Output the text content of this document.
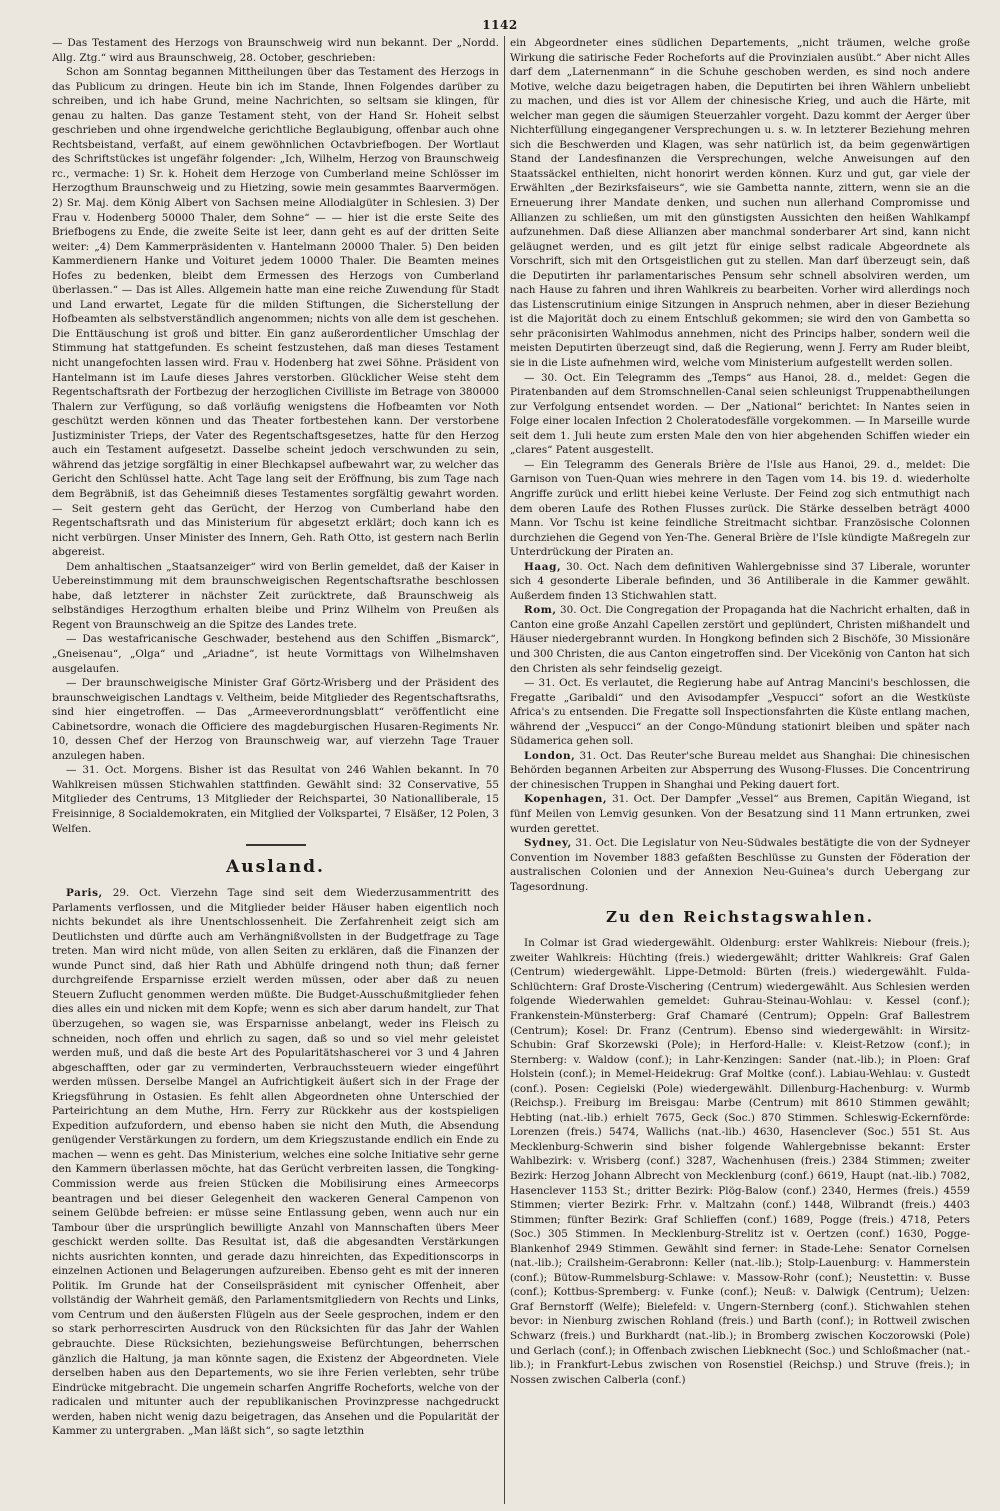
1142

— Das Testament des Herzogs von Braunschweig wird nun bekannt. Der „Nordd. Allg. Ztg.“ wird aus Braunschweig, 28. October, geschrieben:

Schon am Sonntag begannen Mittheilungen über das Testament des Herzogs in das Publicum zu dringen. Heute bin ich im Stande, Ihnen Folgendes darüber zu schreiben, und ich habe Grund, meine Nachrichten, so seltsam sie klingen, für genau zu halten. Das ganze Testament steht, von der Hand Sr. Hoheit selbst geschrieben und ohne irgendwelche gerichtliche Beglaubigung, offenbar auch ohne Rechtsbeistand, verfaßt, auf einem gewöhnlichen Octavbriefbogen. Der Wortlaut des Schriftstückes ist ungefähr folgender: „Ich, Wilhelm, Herzog von Braunschweig rc., vermache: 1) Sr. k. Hoheit dem Herzoge von Cumberland meine Schlösser im Herzogthum Braunschweig und zu Hietzing, sowie mein gesammtes Baarvermögen. 2) Sr. Maj. dem König Albert von Sachsen meine Allodialgüter in Schlesien. 3) Der Frau v. Hodenberg 50000 Thaler, dem Sohne“ — — hier ist die erste Seite des Briefbogens zu Ende, die zweite Seite ist leer, dann geht es auf der dritten Seite weiter: „4) Dem Kammerpräsidenten v. Hantelmann 20000 Thaler. 5) Den beiden Kammerdienern Hanke und Voituret jedem 10000 Thaler. Die Beamten meines Hofes zu bedenken, bleibt dem Ermessen des Herzogs von Cumberland überlassen.“ — Das ist Alles. Allgemein hatte man eine reiche Zuwendung für Stadt und Land erwartet, Legate für die milden Stiftungen, die Sicherstellung der Hofbeamten als selbstverständlich angenommen; nichts von alle dem ist geschehen. Die Enttäuschung ist groß und bitter. Ein ganz außerordentlicher Umschlag der Stimmung hat stattgefunden. Es scheint festzustehen, daß man dieses Testament nicht unangefochten lassen wird. Frau v. Hodenberg hat zwei Söhne. Präsident von Hantelmann ist im Laufe dieses Jahres verstorben. Glücklicher Weise steht dem Regentschaftsrath der Fortbezug der herzoglichen Civilliste im Betrage von 380000 Thalern zur Verfügung, so daß vorläufig wenigstens die Hofbeamten vor Noth geschützt werden können und das Theater fortbestehen kann. Der verstorbene Justizminister Trieps, der Vater des Regentschaftsgesetzes, hatte für den Herzog auch ein Testament aufgesetzt. Dasselbe scheint jedoch verschwunden zu sein, während das jetzige sorgfältig in einer Blechkapsel aufbewahrt war, zu welcher das Gericht den Schlüssel hatte. Acht Tage lang seit der Eröffnung, bis zum Tage nach dem Begräbniß, ist das Geheimniß dieses Testamentes sorgfältig gewahrt worden. — Seit gestern geht das Gerücht, der Herzog von Cumberland habe den Regentschaftsrath und das Ministerium für abgesetzt erklärt; doch kann ich es nicht verbürgen. Unser Minister des Innern, Geh. Rath Otto, ist gestern nach Berlin abgereist.

Dem anhaltischen „Staatsanzeiger“ wird von Berlin gemeldet, daß der Kaiser in Uebereinstimmung mit dem braunschweigischen Regentschaftsrathe beschlossen habe, daß letzterer in nächster Zeit zurücktrete, daß Braunschweig als selbständiges Herzogthum erhalten bleibe und Prinz Wilhelm von Preußen als Regent von Braunschweig an die Spitze des Landes trete.

— Das westafricanische Geschwader, bestehend aus den Schiffen „Bismarck“, „Gneisenau“, „Olga“ und „Ariadne“, ist heute Vormittags von Wilhelmshaven ausgelaufen.

— Der braunschweigische Minister Graf Görtz-Wrisberg und der Präsident des braunschweigischen Landtags v. Veltheim, beide Mitglieder des Regentschaftsraths, sind hier eingetroffen. — Das „Armeeverordnungsblatt“ veröffentlicht eine Cabinetsordre, wonach die Officiere des magdeburgischen Husaren-Regiments Nr. 10, dessen Chef der Herzog von Braunschweig war, auf vierzehn Tage Trauer anzulegen haben.

— 31. Oct. Morgens. Bisher ist das Resultat von 246 Wahlen bekannt. In 70 Wahlkreisen müssen Stichwahlen stattfinden. Gewählt sind: 32 Conservative, 55 Mitglieder des Centrums, 13 Mitglieder der Reichspartei, 30 Nationalliberale, 15 Freisinnige, 8 Socialdemokraten, ein Mitglied der Volkspartei, 7 Elsäßer, 12 Polen, 3 Welfen.

Ausland.

Paris, 29. Oct. Vierzehn Tage sind seit dem Wiederzusammentritt des Parlaments verflossen, und die Mitglieder beider Häuser haben eigentlich noch nichts bekundet als ihre Unentschlossenheit. Die Zerfahrenheit zeigt sich am Deutlichsten und dürfte auch am Verhängnißvollsten in der Budgetfrage zu Tage treten. Man wird nicht müde, von allen Seiten zu erklären, daß die Finanzen der wunde Punct sind, daß hier Rath und Abhülfe dringend noth thun; daß ferner durchgreifende Ersparnisse erzielt werden müssen, oder aber daß zu neuen Steuern Zuflucht genommen werden müßte. Die Budget-Ausschußmitglieder fehen dies alles ein und nicken mit dem Kopfe; wenn es sich aber darum handelt, zur That überzugehen, so wagen sie, was Ersparnisse anbelangt, weder ins Fleisch zu schneiden, noch offen und ehrlich zu sagen, daß so und so viel mehr geleistet werden muß, und daß die beste Art des Popularitätshascherei vor 3 und 4 Jahren abgeschafften, oder gar zu verminderten, Verbrauchssteuern wieder eingeführt werden müssen. Derselbe Mangel an Aufrichtigkeit äußert sich in der Frage der Kriegsführung in Ostasien. Es fehlt allen Abgeordneten ohne Unterschied der Parteirichtung an dem Muthe, Hrn. Ferry zur Rückkehr aus der kostspieligen Expedition aufzufordern, und ebenso haben sie nicht den Muth, die Absendung genügender Verstärkungen zu fordern, um dem Kriegszustande endlich ein Ende zu machen — wenn es geht. Das Ministerium, welches eine solche Initiative sehr gerne den Kammern überlassen möchte, hat das Gerücht verbreiten lassen, die Tongking-Commission werde aus freien Stücken die Mobilisirung eines Armeecorps beantragen und bei dieser Gelegenheit den wackeren General Campenon von seinem Gelübde befreien: er müsse seine Entlassung geben, wenn auch nur ein Tambour über die ursprünglich bewilligte Anzahl von Mannschaften übers Meer geschickt werden sollte. Das Resultat ist, daß die abgesandten Verstärkungen nichts ausrichten konnten, und gerade dazu hinreichten, das Expeditionscorps in einzelnen Actionen und Belagerungen aufzureiben. Ebenso geht es mit der inneren Politik. Im Grunde hat der Conseilspräsident mit cynischer Offenheit, aber vollständig der Wahrheit gemäß, den Parlamentsmitgliedern von Rechts und Links, vom Centrum und den äußersten Flügeln aus der Seele gesprochen, indem er den so stark perhorrescirten Ausdruck von den Rücksichten für das Jahr der Wahlen gebrauchte. Diese Rücksichten, beziehungsweise Befürchtungen, beherrschen gänzlich die Haltung, ja man könnte sagen, die Existenz der Abgeordneten. Viele derselben haben aus den Departements, wo sie ihre Ferien verlebten, sehr trübe Eindrücke mitgebracht. Die ungemein scharfen Angriffe Rocheforts, welche von der radicalen und mitunter auch der republikanischen Provinzpresse nachgedruckt werden, haben nicht wenig dazu beigetragen, das Ansehen und die Popularität der Kammer zu untergraben. „Man läßt sich“, so sagte letzthin

ein Abgeordneter eines südlichen Departements, „nicht träumen, welche große Wirkung die satirische Feder Rocheforts auf die Provinzialen ausübt.“ Aber nicht Alles darf dem „Laternenmann“ in die Schuhe geschoben werden, es sind noch andere Motive, welche dazu beigetragen haben, die Deputirten bei ihren Wählern unbeliebt zu machen, und dies ist vor Allem der chinesische Krieg, und auch die Härte, mit welcher man gegen die säumigen Steuerzahler vorgeht. Dazu kommt der Aerger über Nichterfüllung eingegangener Versprechungen u. s. w. In letzterer Beziehung mehren sich die Beschwerden und Klagen, was sehr natürlich ist, da beim gegenwärtigen Stand der Landesfinanzen die Versprechungen, welche Anweisungen auf den Staatssäckel enthielten, nicht honorirt werden können. Kurz und gut, gar viele der Erwählten „der Bezirksfaiseurs“, wie sie Gambetta nannte, zittern, wenn sie an die Erneuerung ihrer Mandate denken, und suchen nun allerhand Compromisse und Allianzen zu schließen, um mit den günstigsten Aussichten den heißen Wahlkampf aufzunehmen. Daß diese Allianzen aber manchmal sonderbarer Art sind, kann nicht geläugnet werden, und es gilt jetzt für einige selbst radicale Abgeordnete als Vorschrift, sich mit den Ortsgeistlichen gut zu stellen. Man darf überzeugt sein, daß die Deputirten ihr parlamentarisches Pensum sehr schnell absolviren werden, um nach Hause zu fahren und ihren Wahlkreis zu bearbeiten. Vorher wird allerdings noch das Listenscrutinium einige Sitzungen in Anspruch nehmen, aber in dieser Beziehung ist die Majorität doch zu einem Entschluß gekommen; sie wird den von Gambetta so sehr präconisirten Wahlmodus annehmen, nicht des Princips halber, sondern weil die meisten Deputirten überzeugt sind, daß die Regierung, wenn J. Ferry am Ruder bleibt, sie in die Liste aufnehmen wird, welche vom Ministerium aufgestellt werden sollen.

— 30. Oct. Ein Telegramm des „Temps“ aus Hanoi, 28. d., meldet: Gegen die Piratenbanden auf dem Stromschnellen-Canal seien schleunigst Truppenabtheilungen zur Verfolgung entsendet worden. — Der „National“ berichtet: In Nantes seien in Folge einer localen Infection 2 Choleratodesfälle vorgekommen. — In Marseille wurde seit dem 1. Juli heute zum ersten Male den von hier abgehenden Schiffen wieder ein „clares“ Patent ausgestellt.

— Ein Telegramm des Generals Brière de l'Isle aus Hanoi, 29. d., meldet: Die Garnison von Tuen-Quan wies mehrere in den Tagen vom 14. bis 19. d. wiederholte Angriffe zurück und erlitt hiebei keine Verluste. Der Feind zog sich entmuthigt nach dem oberen Laufe des Rothen Flusses zurück. Die Stärke desselben beträgt 4000 Mann. Vor Tschu ist keine feindliche Streitmacht sichtbar. Französische Colonnen durchziehen die Gegend von Yen-The. General Brière de l'Isle kündigte Maßregeln zur Unterdrückung der Piraten an.

Haag, 30. Oct. Nach dem definitiven Wahlergebnisse sind 37 Liberale, worunter sich 4 gesonderte Liberale befinden, und 36 Antiliberale in die Kammer gewählt. Außerdem finden 13 Stichwahlen statt.

Rom, 30. Oct. Die Congregation der Propaganda hat die Nachricht erhalten, daß in Canton eine große Anzahl Capellen zerstört und geplündert, Christen mißhandelt und Häuser niedergebrannt wurden. In Hongkong befinden sich 2 Bischöfe, 30 Missionäre und 300 Christen, die aus Canton eingetroffen sind. Der Vicekönig von Canton hat sich den Christen als sehr feindselig gezeigt.

— 31. Oct. Es verlautet, die Regierung habe auf Antrag Mancini's beschlossen, die Fregatte „Garibaldi“ und den Avisodampfer „Vespucci“ sofort an die Westküste Africa's zu entsenden. Die Fregatte soll Inspectionsfahrten die Küste entlang machen, während der „Vespucci“ an der Congo-Mündung stationirt bleiben und später nach Südamerica gehen soll.

London, 31. Oct. Das Reuter'sche Bureau meldet aus Shanghai: Die chinesischen Behörden begannen Arbeiten zur Absperrung des Wusong-Flusses. Die Concentrirung der chinesischen Truppen in Shanghai und Peking dauert fort.

Kopenhagen, 31. Oct. Der Dampfer „Vessel“ aus Bremen, Capitän Wiegand, ist fünf Meilen von Lemvig gesunken. Von der Besatzung sind 11 Mann ertrunken, zwei wurden gerettet.

Sydney, 31. Oct. Die Legislatur von Neu-Südwales bestätigte die von der Sydneyer Convention im November 1883 gefaßten Beschlüsse zu Gunsten der Föderation der australischen Colonien und der Annexion Neu-Guinea's durch Uebergang zur Tagesordnung.

Zu den Reichstagswahlen.

In Colmar ist Grad wiedergewählt. Oldenburg: erster Wahlkreis: Niebour (freis.); zweiter Wahlkreis: Hüchting (freis.) wiedergewählt; dritter Wahlkreis: Graf Galen (Centrum) wiedergewählt. Lippe-Detmold: Bürten (freis.) wiedergewählt. Fulda-Schlüchtern: Graf Droste-Vischering (Centrum) wiedergewählt. Aus Schlesien werden folgende Wiederwahlen gemeldet: Guhrau-Steinau-Wohlau: v. Kessel (conf.); Frankenstein-Münsterberg: Graf Chamaré (Centrum); Oppeln: Graf Ballestrem (Centrum); Kosel: Dr. Franz (Centrum). Ebenso sind wiedergewählt: in Wirsitz-Schubin: Graf Skorzewski (Pole); in Herford-Halle: v. Kleist-Retzow (conf.); in Sternberg: v. Waldow (conf.); in Lahr-Kenzingen: Sander (nat.-lib.); in Ploen: Graf Holstein (conf.); in Memel-Heidekrug: Graf Moltke (conf.). Labiau-Wehlau: v. Gustedt (conf.). Posen: Cegielski (Pole) wiedergewählt. Dillenburg-Hachenburg: v. Wurmb (Reichsp.). Freiburg im Breisgau: Marbe (Centrum) mit 8610 Stimmen gewählt; Hebting (nat.-lib.) erhielt 7675, Geck (Soc.) 870 Stimmen. Schleswig-Eckernförde: Lorenzen (freis.) 5474, Wallichs (nat.-lib.) 4630, Hasenclever (Soc.) 551 St. Aus Mecklenburg-Schwerin sind bisher folgende Wahlergebnisse bekannt: Erster Wahlbezirk: v. Wrisberg (conf.) 3287, Wachenhusen (freis.) 2384 Stimmen; zweiter Bezirk: Herzog Johann Albrecht von Mecklenburg (conf.) 6619, Haupt (nat.-lib.) 7082, Hasenclever 1153 St.; dritter Bezirk: Plög-Balow (conf.) 2340, Hermes (freis.) 4559 Stimmen; vierter Bezirk: Frhr. v. Maltzahn (conf.) 1448, Wilbrandt (freis.) 4403 Stimmen; fünfter Bezirk: Graf Schlieffen (conf.) 1689, Pogge (freis.) 4718, Peters (Soc.) 305 Stimmen. In Mecklenburg-Strelitz ist v. Oertzen (conf.) 1630, Pogge-Blankenhof 2949 Stimmen. Gewählt sind ferner: in Stade-Lehe: Senator Cornelsen (nat.-lib.); Crailsheim-Gerabronn: Keller (nat.-lib.); Stolp-Lauenburg: v. Hammerstein (conf.); Bütow-Rummelsburg-Schlawe: v. Massow-Rohr (conf.); Neustettin: v. Busse (conf.); Kottbus-Spremberg: v. Funke (conf.); Neuß: v. Dalwigk (Centrum); Uelzen: Graf Bernstorff (Welfe); Bielefeld: v. Ungern-Sternberg (conf.). Stichwahlen stehen bevor: in Nienburg zwischen Rohland (freis.) und Barth (conf.); in Rottweil zwischen Schwarz (freis.) und Burkhardt (nat.-lib.); in Bromberg zwischen Koczorowski (Pole) und Gerlach (conf.); in Offenbach zwischen Liebknecht (Soc.) und Schloßmacher (nat.-lib.); in Frankfurt-Lebus zwischen von Rosenstiel (Reichsp.) und Struve (freis.); in Nossen zwischen Calberla (conf.)
